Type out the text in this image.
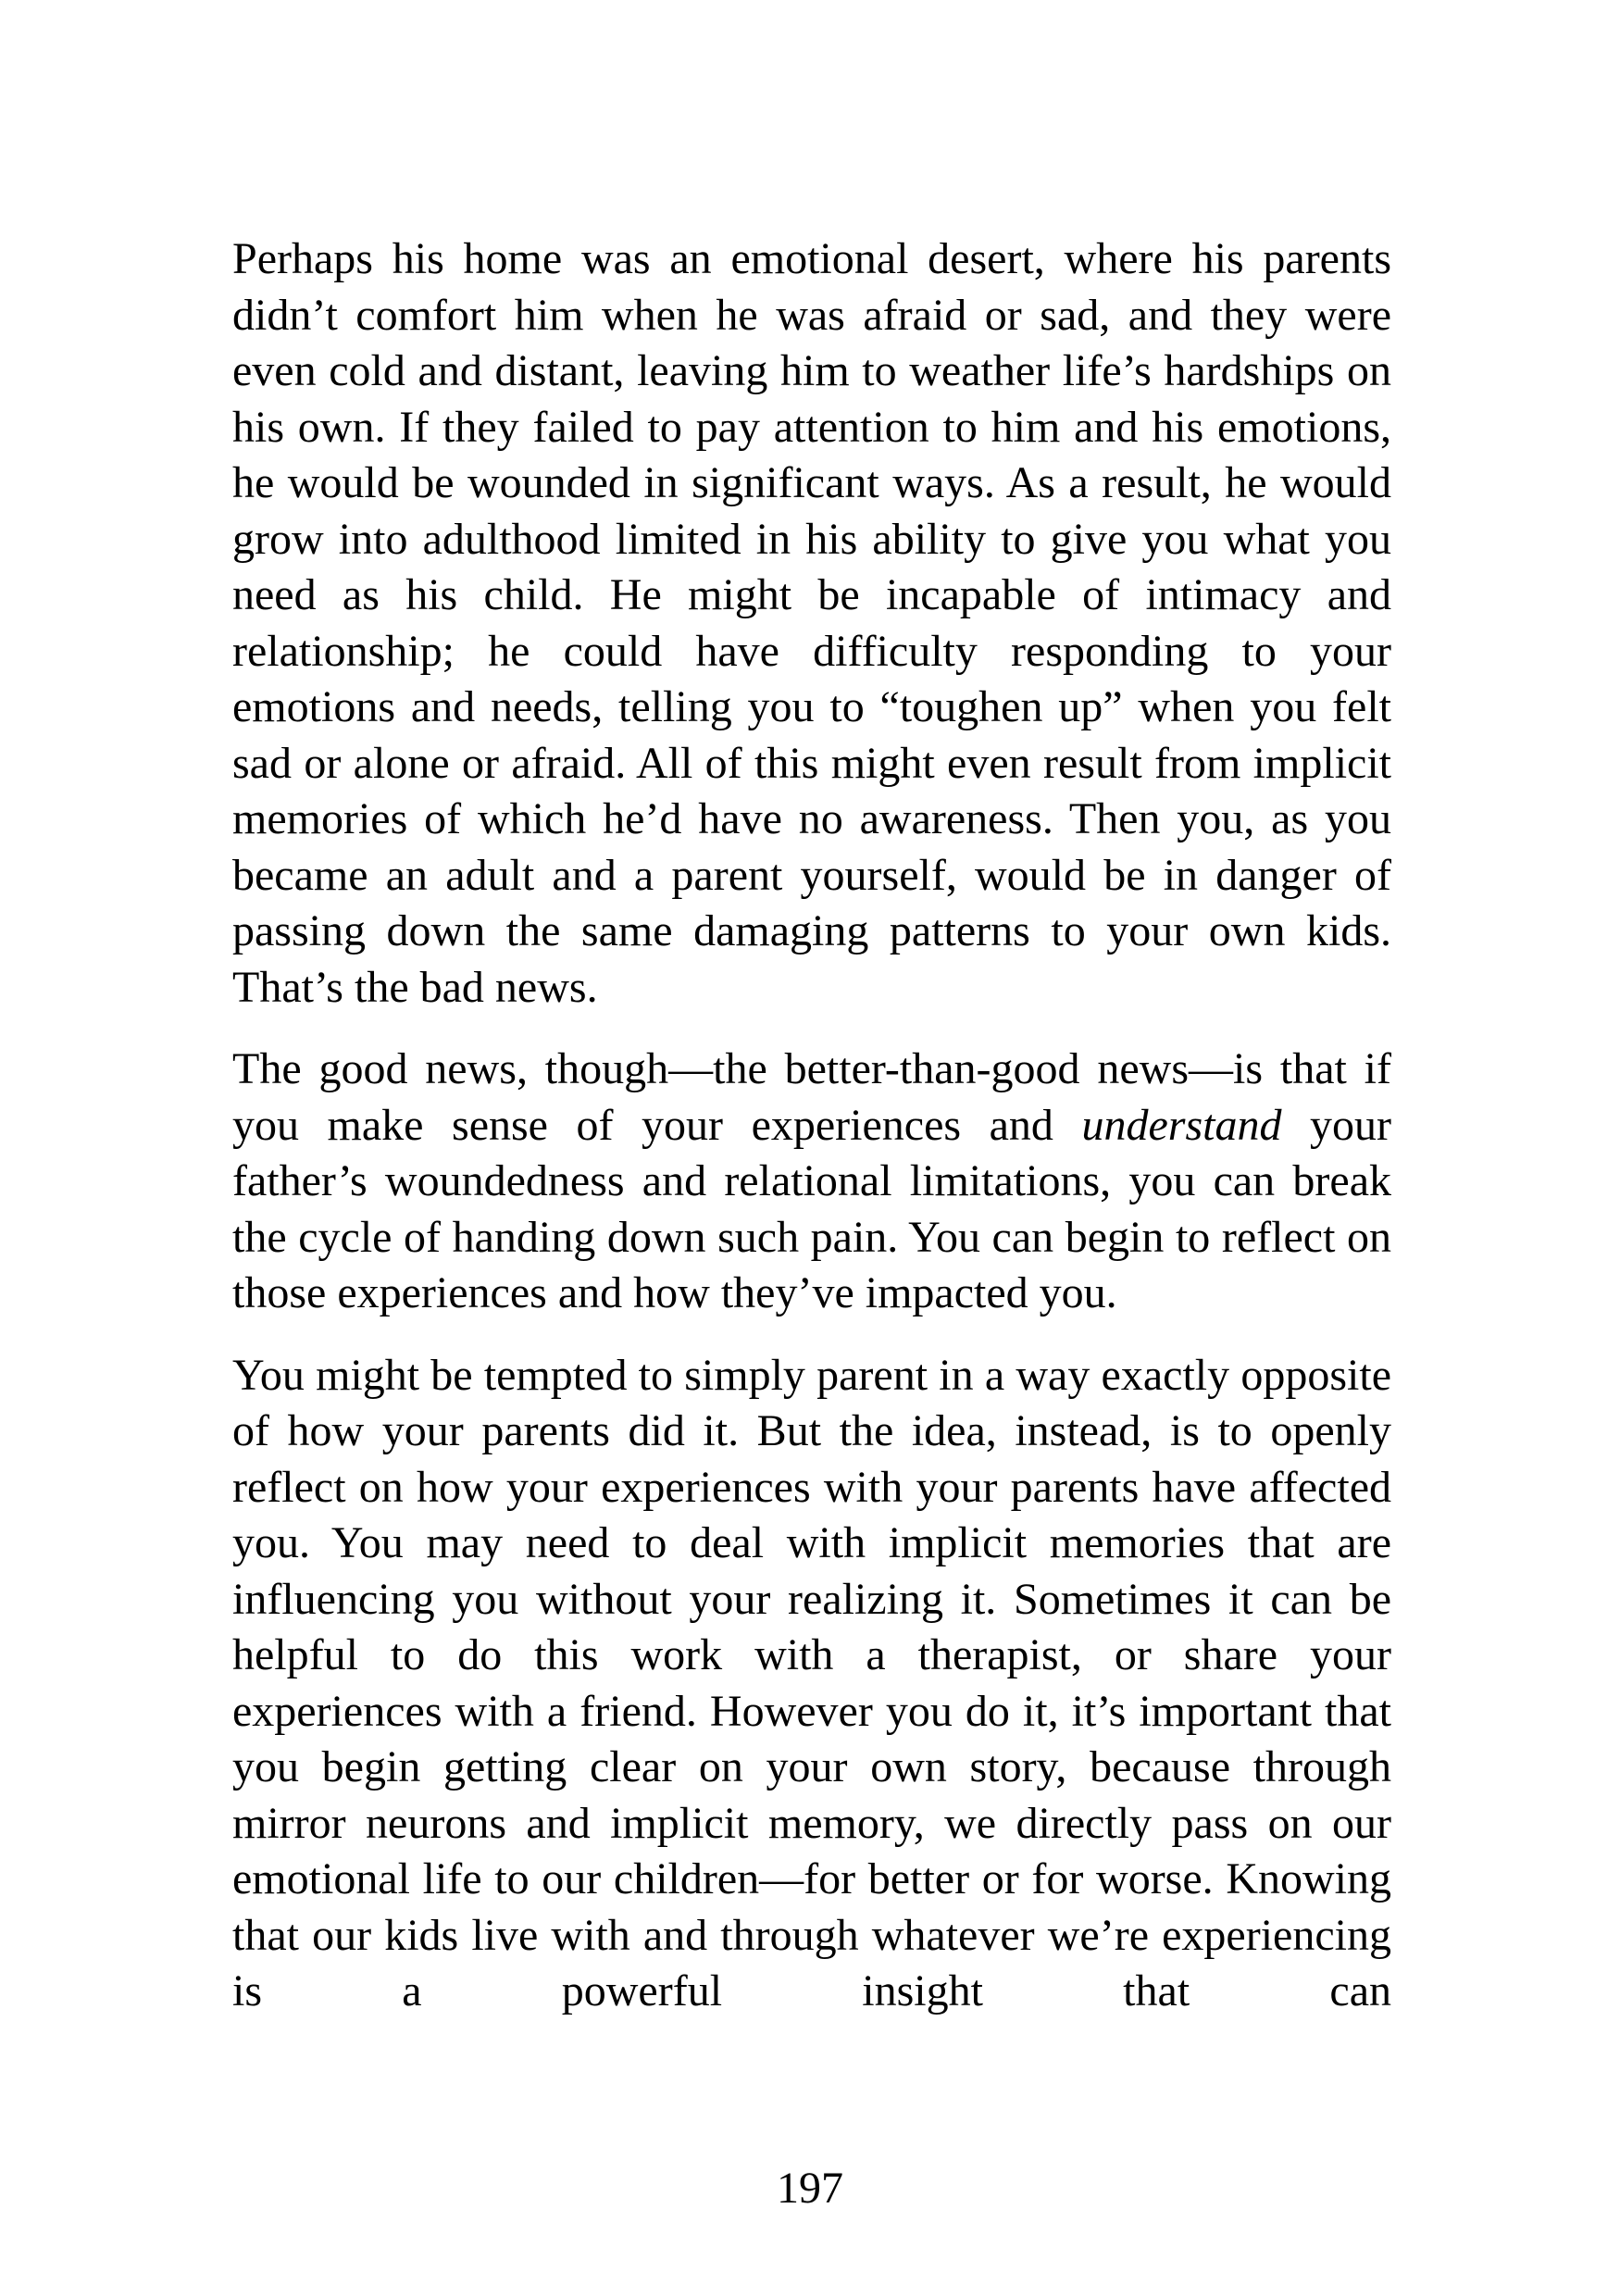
Perhaps his home was an emotional desert, where his parents didn’t comfort him when he was afraid or sad, and they were even cold and distant, leaving him to weather life’s hardships on his own. If they failed to pay attention to him and his emotions, he would be wounded in significant ways. As a result, he would grow into adulthood limited in his ability to give you what you need as his child. He might be incapable of intimacy and relationship; he could have difficulty responding to your emotions and needs, telling you to “toughen up” when you felt sad or alone or afraid. All of this might even result from implicit memories of which he’d have no awareness. Then you, as you became an adult and a parent yourself, would be in danger of passing down the same damaging patterns to your own kids. That’s the bad news.

The good news, though—the better-than-good news—is that if you make sense of your experiences and understand your father’s woundedness and relational limitations, you can break the cycle of handing down such pain. You can begin to reflect on those experiences and how they’ve impacted you.

You might be tempted to simply parent in a way exactly opposite of how your parents did it. But the idea, instead, is to openly reflect on how your experiences with your parents have affected you. You may need to deal with implicit memories that are influencing you without your realizing it. Sometimes it can be helpful to do this work with a therapist, or share your experiences with a friend. However you do it, it’s important that you begin getting clear on your own story, because through mirror neurons and implicit memory, we directly pass on our emotional life to our children—for better or for worse. Knowing that our kids live with and through whatever we’re experiencing is a powerful insight that can

197
